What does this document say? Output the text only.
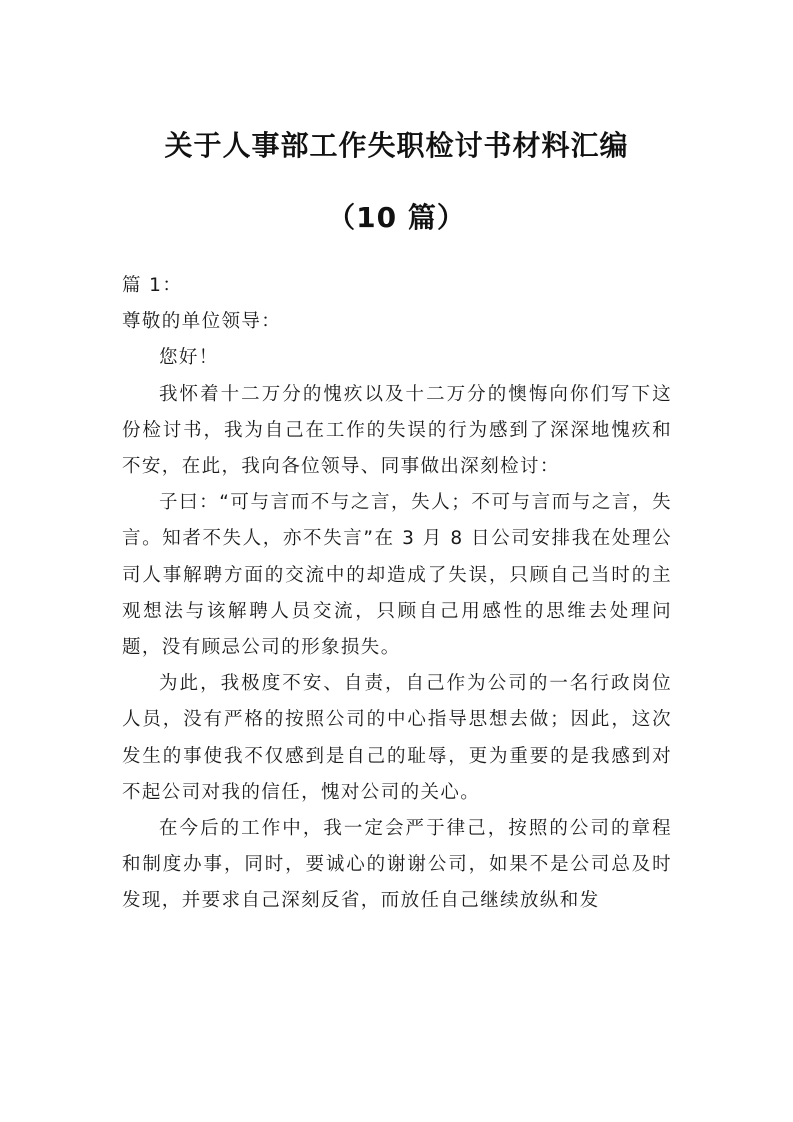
关于人事部工作失职检讨书材料汇编
（10 篇）

篇 1：

尊敬的单位领导：

您好！

我怀着十二万分的愧疚以及十二万分的懊悔向你们写下这份检讨书，我为自己在工作的失误的行为感到了深深地愧疚和不安，在此，我向各位领导、同事做出深刻检讨：

子曰：“可与言而不与之言，失人；不可与言而与之言，失言。知者不失人，亦不失言”在 3 月 8 日公司安排我在处理公司人事解聘方面的交流中的却造成了失误，只顾自己当时的主观想法与该解聘人员交流，只顾自己用感性的思维去处理问题，没有顾忌公司的形象损失。

为此，我极度不安、自责，自己作为公司的一名行政岗位人员，没有严格的按照公司的中心指导思想去做；因此，这次发生的事使我不仅感到是自己的耻辱，更为重要的是我感到对不起公司对我的信任，愧对公司的关心。

在今后的工作中，我一定会严于律己，按照的公司的章程和制度办事，同时，要诚心的谢谢公司，如果不是公司总及时发现，并要求自己深刻反省，而放任自己继续放纵和发
